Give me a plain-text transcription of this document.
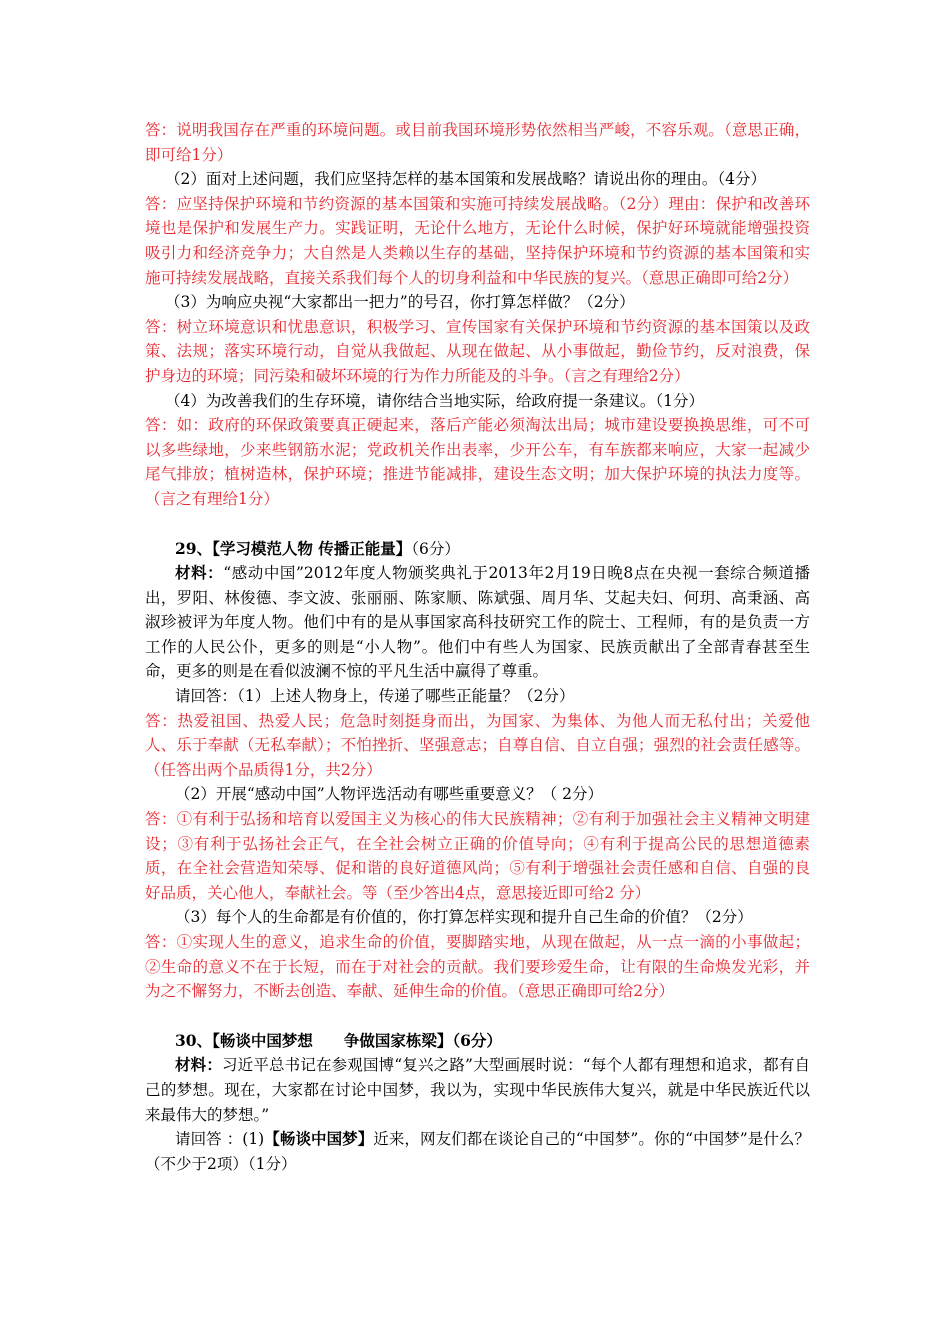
答：说明我国存在严重的环境问题。或目前我国环境形势依然相当严峻，不容乐观。（意思正确，即可给1分）

（2）面对上述问题，我们应坚持怎样的基本国策和发展战略？请说出你的理由。（4分）

答：应坚持保护环境和节约资源的基本国策和实施可持续发展战略。（2分）理由：保护和改善环境也是保护和发展生产力。实践证明，无论什么地方，无论什么时候，保护好环境就能增强投资吸引力和经济竞争力；大自然是人类赖以生存的基础，坚持保护环境和节约资源的基本国策和实施可持续发展战略，直接关系我们每个人的切身利益和中华民族的复兴。（意思正确即可给2分）

（3）为响应央视“大家都出一把力”的号召，你打算怎样做？（2分）

答：树立环境意识和忧患意识，积极学习、宣传国家有关保护环境和节约资源的基本国策以及政策、法规；落实环境行动，自觉从我做起、从现在做起、从小事做起，勤俭节约，反对浪费，保护身边的环境；同污染和破坏环境的行为作力所能及的斗争。（言之有理给2分）

（4）为改善我们的生存环境，请你结合当地实际，给政府提一条建议。（1分）

答：如：政府的环保政策要真正硬起来，落后产能必须淘汰出局；城市建设要换换思维，可不可以多些绿地，少来些钢筋水泥；党政机关作出表率，少开公车，有车族都来响应，大家一起减少尾气排放；植树造林，保护环境；推进节能减排，建设生态文明；加大保护环境的执法力度等。（言之有理给1分）

29、【学习模范人物 传播正能量】（6分）

材料：“感动中国”2012年度人物颁奖典礼于2013年2月19日晚8点在央视一套综合频道播出，罗阳、林俊德、李文波、张丽丽、陈家顺、陈斌强、周月华、艾起夫妇、何玥、高秉涵、高淑珍被评为年度人物。他们中有的是从事国家高科技研究工作的院士、工程师，有的是负责一方工作的人民公仆，更多的则是“小人物”。他们中有些人为国家、民族贡献出了全部青春甚至生命，更多的则是在看似波澜不惊的平凡生活中赢得了尊重。

请回答：（1）上述人物身上，传递了哪些正能量？（2分）

答：热爱祖国、热爱人民；危急时刻挺身而出，为国家、为集体、为他人而无私付出；关爱他人、乐于奉献（无私奉献）；不怕挫折、坚强意志；自尊自信、自立自强；强烈的社会责任感等。（任答出两个品质得1分，共2分）

（2）开展“感动中国”人物评选活动有哪些重要意义？（ 2分）

答：①有利于弘扬和培育以爱国主义为核心的伟大民族精神；②有利于加强社会主义精神文明建设；③有利于弘扬社会正气，在全社会树立正确的价值导向；④有利于提高公民的思想道德素质，在全社会营造知荣辱、促和谐的良好道德风尚；⑤有利于增强社会责任感和自信、自强的良好品质，关心他人，奉献社会。等（至少答出4点，意思接近即可给2 分）

（3）每个人的生命都是有价值的，你打算怎样实现和提升自己生命的价值？（2分）

答：①实现人生的意义，追求生命的价值，要脚踏实地，从现在做起，从一点一滴的小事做起；②生命的意义不在于长短，而在于对社会的贡献。我们要珍爱生命，让有限的生命焕发光彩，并为之不懈努力，不断去创造、奉献、延伸生命的价值。（意思正确即可给2分）

30、【畅谈中国梦想　　争做国家栋梁】（6分）

材料：习近平总书记在参观国博“复兴之路”大型画展时说：“每个人都有理想和追求，都有自己的梦想。现在，大家都在讨论中国梦，我以为，实现中华民族伟大复兴，就是中华民族近代以来最伟大的梦想。”

请回答 ：(1)【畅谈中国梦】近来，网友们都在谈论自己的“中国梦”。你的“中国梦”是什么？（不少于2项）（1分）
